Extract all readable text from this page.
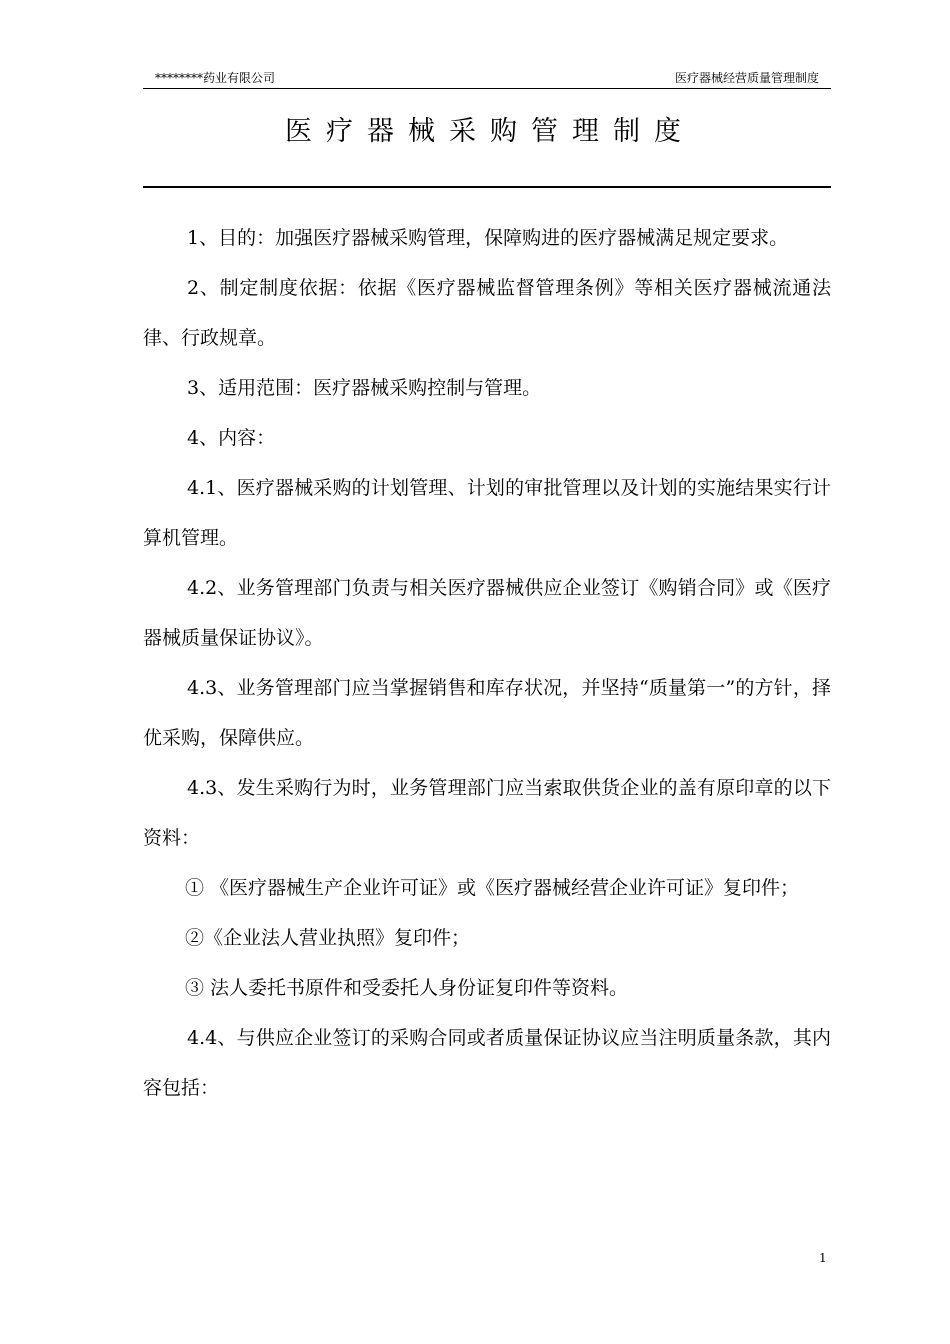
********药业有限公司	医疗器械经营质量管理制度
医疗器械采购管理制度

1、目的：加强医疗器械采购管理，保障购进的医疗器械满足规定要求。

2、制定制度依据：依据《医疗器械监督管理条例》等相关医疗器械流通法律、行政规章。

3、适用范围：医疗器械采购控制与管理。

4、内容：

4.1、医疗器械采购的计划管理、计划的审批管理以及计划的实施结果实行计算机管理。

4.2、业务管理部门负责与相关医疗器械供应企业签订《购销合同》或《医疗器械质量保证协议》。

4.3、业务管理部门应当掌握销售和库存状况，并坚持“质量第一”的方针，择优采购，保障供应。

4.3、发生采购行为时，业务管理部门应当索取供货企业的盖有原印章的以下资料：

① 《医疗器械生产企业许可证》或《医疗器械经营企业许可证》复印件；

②《企业法人营业执照》复印件；

③ 法人委托书原件和受委托人身份证复印件等资料。

4.4、与供应企业签订的采购合同或者质量保证协议应当注明质量条款，其内容包括：

1
